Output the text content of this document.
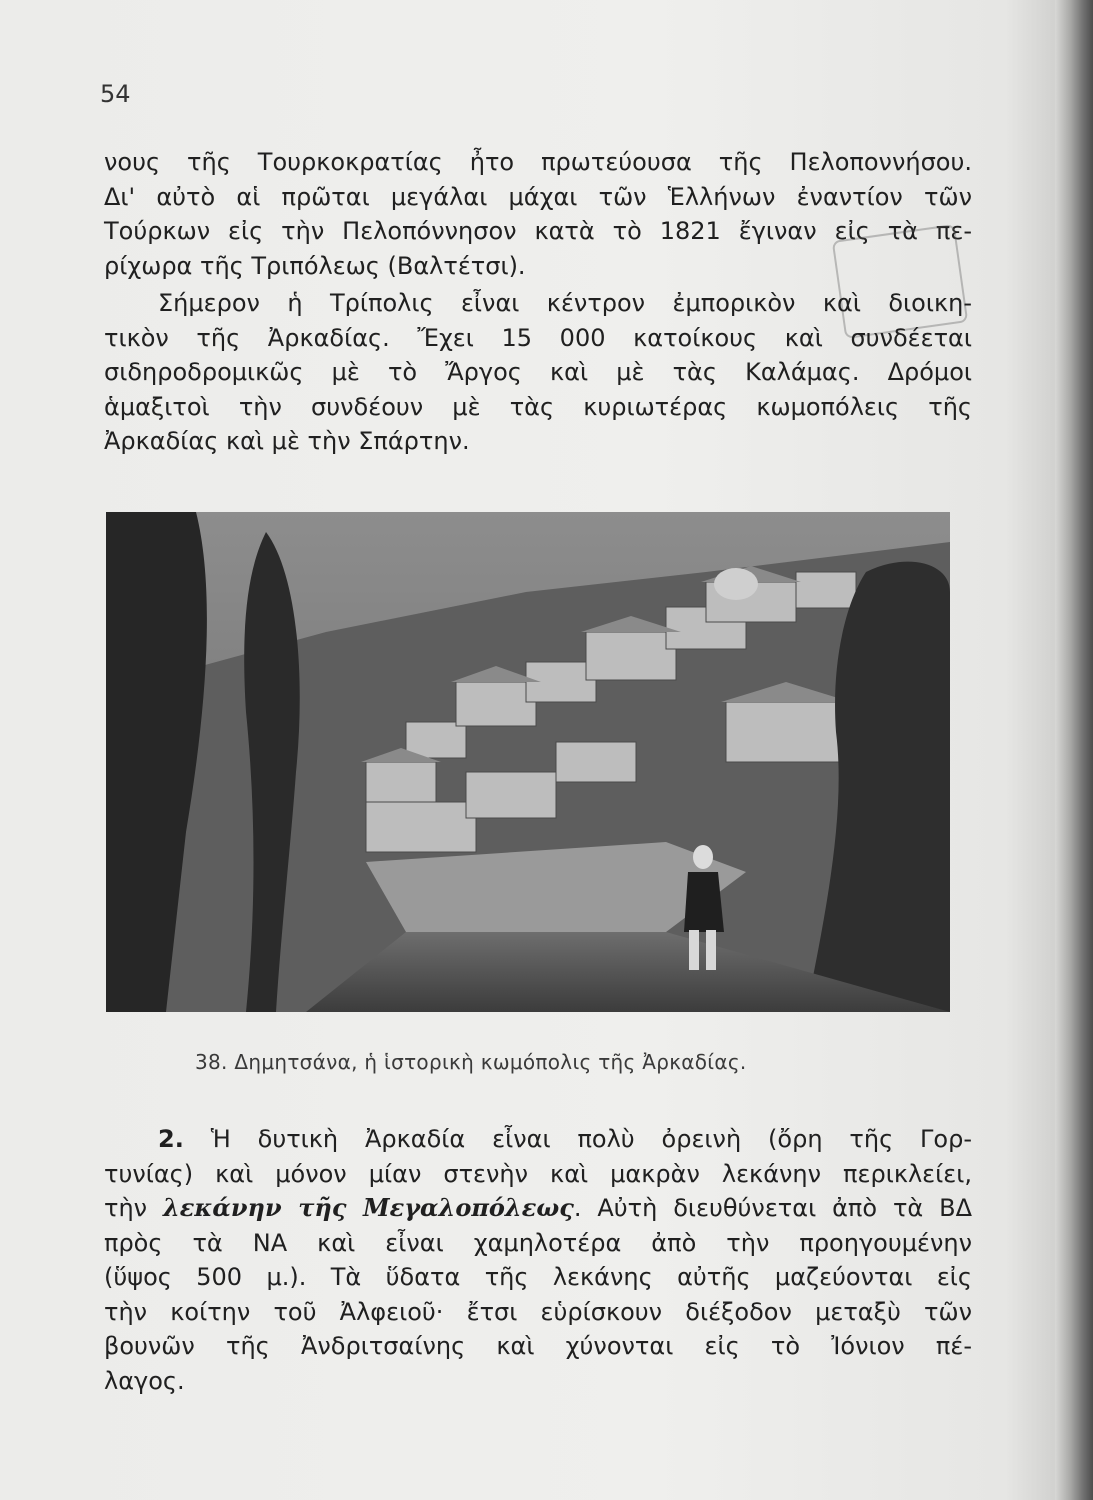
54
νους τῆς Τουρκοκρατίας ἦτο πρωτεύουσα τῆς Πελοποννήσου.
Δι' αὐτὸ αἱ πρῶται μεγάλαι μάχαι τῶν Ἑλλήνων ἐναντίον τῶν
Τούρκων εἰς τὴν Πελοπόννησον κατὰ τὸ 1821 ἔγιναν εἰς τὰ πε-
ρίχωρα τῆς Τριπόλεως (Βαλτέτσι).
Σήμερον ἡ Τρίπολις εἶναι κέντρον ἐμπορικὸν καὶ διοικη-
τικὸν τῆς Ἀρκαδίας. Ἔχει 15 000 κατοίκους καὶ συνδέεται
σιδηροδρομικῶς μὲ τὸ Ἄργος καὶ μὲ τὰς Καλάμας. Δρόμοι
ἁμαξιτοὶ τὴν συνδέουν μὲ τὰς κυριωτέρας κωμοπόλεις τῆς
Ἀρκαδίας καὶ μὲ τὴν Σπάρτην.
38. Δημητσάνα, ἡ ἱστορικὴ κωμόπολις τῆς Ἀρκαδίας.
2. Ἡ δυτικὴ Ἀρκαδία εἶναι πολὺ ὀρεινὴ (ὄρη τῆς Γορ-
τυνίας) καὶ μόνον μίαν στενὴν καὶ μακρὰν λεκάνην περικλείει,
τὴν λεκάνην τῆς Μεγαλοπόλεως. Αὐτὴ διευθύνεται ἀπὸ τὰ ΒΔ
πρὸς τὰ ΝΑ καὶ εἶναι χαμηλοτέρα ἀπὸ τὴν προηγουμένην
(ὕψος 500 μ.). Τὰ ὕδατα τῆς λεκάνης αὐτῆς μαζεύονται εἰς
τὴν κοίτην τοῦ Ἀλφειοῦ· ἔτσι εὑρίσκουν διέξοδον μεταξὺ τῶν
βουνῶν τῆς Ἀνδριτσαίνης καὶ χύνονται εἰς τὸ Ἰόνιον πέ-
λαγος.
